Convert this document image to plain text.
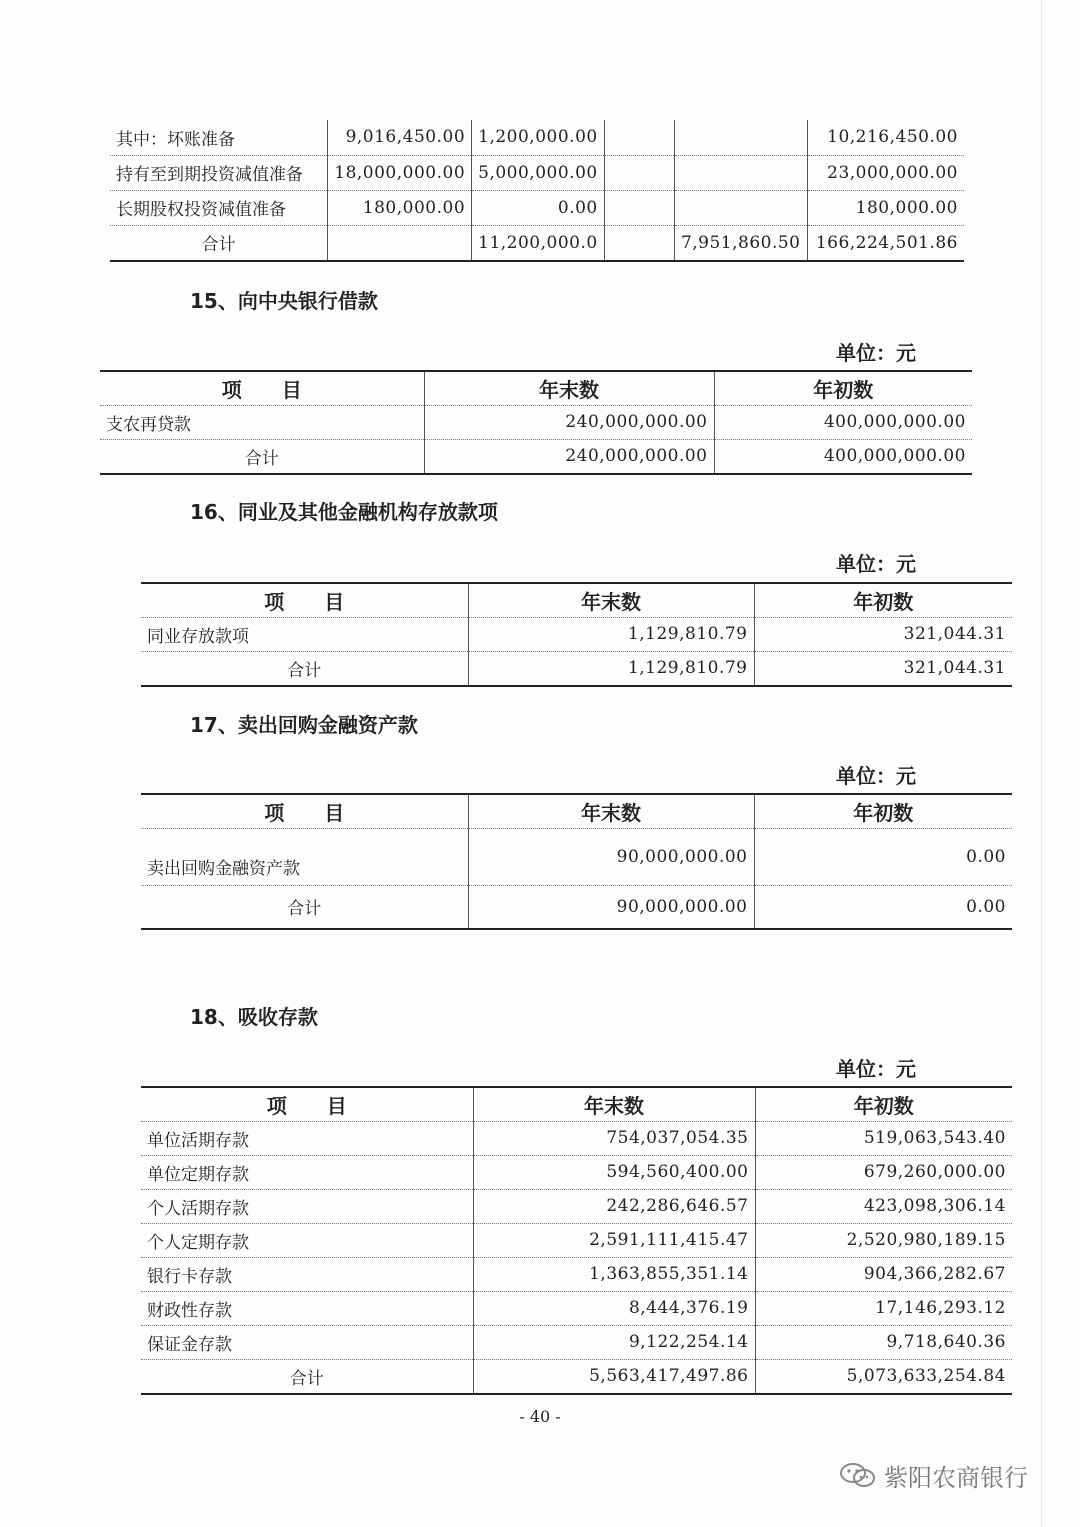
其中：坏账准备	9,016,450.00	1,200,000.00			10,216,450.00
持有至到期投资减值准备	18,000,000.00	5,000,000.00			23,000,000.00
长期股权投资减值准备	180,000.00	0.00			180,000.00
合计		11,200,000.0		7,951,860.50	166,224,501.86
15、向中央银行借款
单位：元
项　　目	年末数	年初数
支农再贷款	240,000,000.00	400,000,000.00
合计	240,000,000.00	400,000,000.00
16、同业及其他金融机构存放款项
单位：元
项　　目	年末数	年初数
同业存放款项	1,129,810.79	321,044.31
合计	1,129,810.79	321,044.31
17、卖出回购金融资产款
单位：元
项　　目	年末数	年初数
卖出回购金融资产款	90,000,000.00	0.00
合计	90,000,000.00	0.00
18、吸收存款
单位：元
项　　目	年末数	年初数
单位活期存款	754,037,054.35	519,063,543.40
单位定期存款	594,560,400.00	679,260,000.00
个人活期存款	242,286,646.57	423,098,306.14
个人定期存款	2,591,111,415.47	2,520,980,189.15
银行卡存款	1,363,855,351.14	904,366,282.67
财政性存款	8,444,376.19	17,146,293.12
保证金存款	9,122,254.14	9,718,640.36
合计	5,563,417,497.86	5,073,633,254.84
- 40 -
紫阳农商银行
